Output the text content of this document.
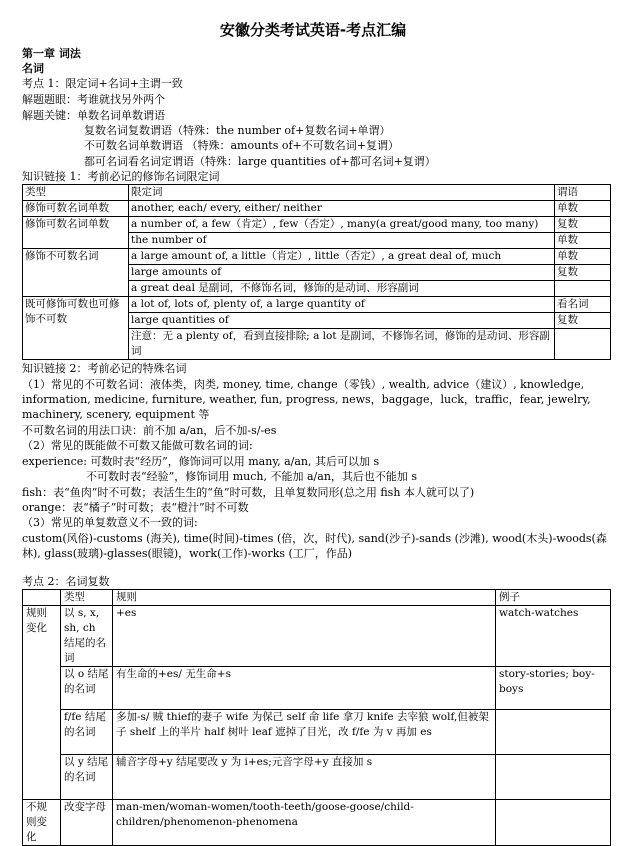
安徽分类考试英语-考点汇编
第一章 词法
名词
考点 1：限定词+名词+主谓一致
解题题眼：考谁就找另外两个
解题关键：单数名词单数谓语
复数名词复数谓语（特殊：the number of+复数名词+单谓）
不可数名词单数谓语 （特殊：amounts of+不可数名词+复谓）
都可名词看名词定谓语（特殊：large quantities of+都可名词+复谓）
知识链接 1：考前必记的修饰名词限定词
类型	限定词	谓语
修饰可数名词单数	another, each/ every, either/ neither	单数
修饰可数名词单数	a number of, a few（肯定）, few（否定）, many(a great/good many, too many)	复数
	the number of	单数
修饰不可数名词	a large amount of, a little（肯定）, little（否定）, a great deal of, much	单数
	large amounts of	复数
	a great deal 是副词，不修饰名词，修饰的是动词、形容副词	
既可修饰可数也可修饰不可数	a lot of, lots of, plenty of, a large quantity of	看名词
	large quantities of	复数
	注意：无 a plenty of，看到直接排除; a lot 是副词，不修饰名词，修饰的是动词、形容副词	
知识链接 2：考前必记的特殊名词
（1）常见的不可数名词：液体类，肉类, money, time, change（零钱）, wealth, advice（建议）, knowledge, information, medicine, furniture, weather, fun, progress, news，baggage，luck，traffic，fear, jewelry, machinery, scenery, equipment 等
不可数名词的用法口诀：前不加 a/an，后不加-s/-es
（2）常见的既能做不可数又能做可数名词的词:
experience: 可数时表“经历”，修饰词可以用 many, a/an, 其后可以加 s
不可数时表“经验”，修饰词用 much, 不能加 a/an，其后也不能加 s
fish：表“鱼肉”时不可数；表活生生的“鱼”时可数，且单复数同形(总之用 fish 本人就可以了)
orange：表“橘子”时可数；表“橙汁”时不可数
（3）常见的单复数意义不一致的词:
custom(风俗)-customs (海关), time(时间)-times (倍，次，时代), sand(沙子)-sands (沙滩), wood(木头)-woods(森林), glass(玻璃)-glasses(眼镜)，work(工作)-works (工厂，作品)
考点 2：名词复数
	类型	规则	例子
规则变化	以 s, x, sh, ch 结尾的名词	+es	watch-watches
	以 o 结尾的名词	有生命的+es/ 无生命+s	story-stories; boy-boys
	f/fe 结尾的名词	多加-s/ 贼 thief的妻子 wife 为保己 self 命 life 拿刀 knife 去宰狼 wolf,但被架子 shelf 上的半片 half 树叶 leaf 遮掉了目光，改 f/fe 为 v 再加 es	
	以 y 结尾的名词	辅音字母+y 结尾要改 y 为 i+es;元音字母+y 直接加 s	
不规则变化	改变字母	man-men/woman-women/tooth-teeth/goose-goose/child-children/phenomenon-phenomena	
